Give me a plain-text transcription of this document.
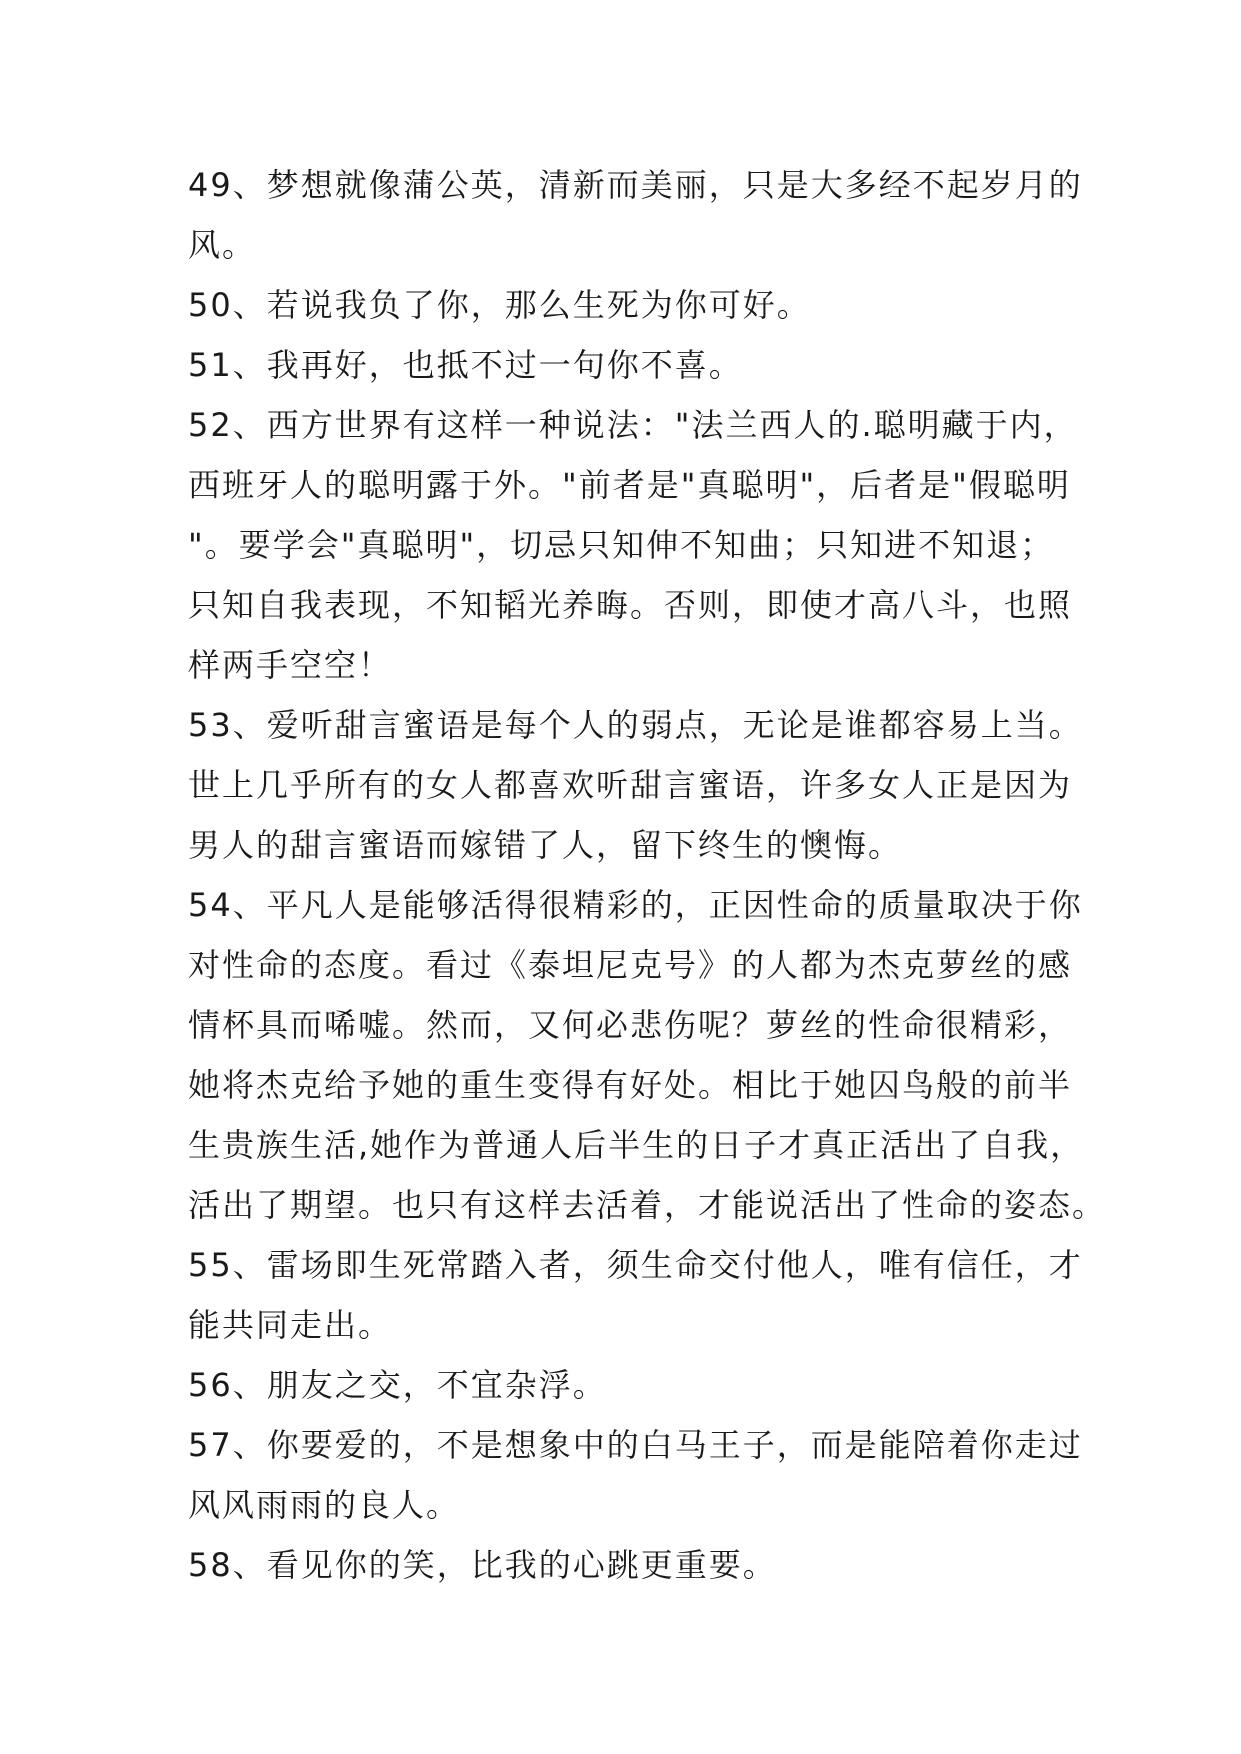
49、梦想就像蒲公英，清新而美丽，只是大多经不起岁月的
风。
50、若说我负了你，那么生死为你可好。
51、我再好，也抵不过一句你不喜。
52、西方世界有这样一种说法："法兰西人的.聪明藏于内，
西班牙人的聪明露于外。"前者是"真聪明"，后者是"假聪明
"。要学会"真聪明"，切忌只知伸不知曲；只知进不知退；
只知自我表现，不知韬光养晦。否则，即使才高八斗，也照
样两手空空！
53、爱听甜言蜜语是每个人的弱点，无论是谁都容易上当。
世上几乎所有的女人都喜欢听甜言蜜语，许多女人正是因为
男人的甜言蜜语而嫁错了人，留下终生的懊悔。
54、平凡人是能够活得很精彩的，正因性命的质量取决于你
对性命的态度。看过《泰坦尼克号》的人都为杰克萝丝的感
情杯具而唏嘘。然而，又何必悲伤呢？萝丝的性命很精彩，
她将杰克给予她的重生变得有好处。相比于她囚鸟般的前半
生贵族生活,她作为普通人后半生的日子才真正活出了自我，
活出了期望。也只有这样去活着，才能说活出了性命的姿态。
55、雷场即生死常踏入者，须生命交付他人，唯有信任，才
能共同走出。
56、朋友之交，不宜杂浮。
57、你要爱的，不是想象中的白马王子，而是能陪着你走过
风风雨雨的良人。
58、看见你的笑，比我的心跳更重要。
